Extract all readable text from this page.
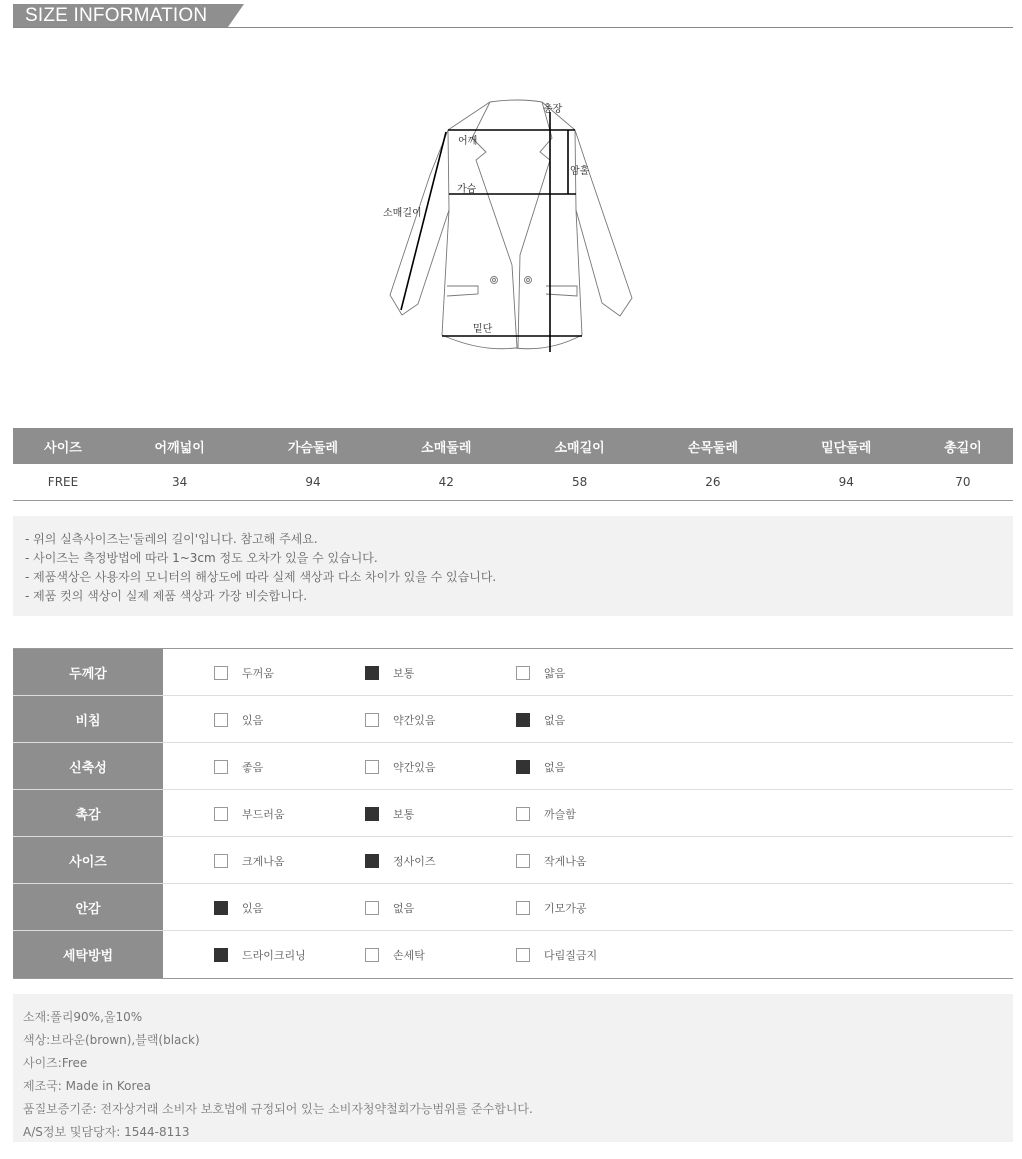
SIZE INFORMATION
총장
어깨
암홀
가슴
소매길이
밑단
사이즈	어깨넓이	가슴둘레	소매둘레	소매길이	손목둘레	밑단둘레	총길이
FREE	34	94	42	58	26	94	70

- 위의 실측사이즈는'둘레의 길이'입니다. 참고해 주세요.

- 사이즈는 측정방법에 따라 1~3cm 정도 오차가 있을 수 있습니다.

- 제품색상은 사용자의 모니터의 해상도에 따라 실제 색상과 다소 차이가 있을 수 있습니다.

- 제품 컷의 색상이 실제 제품 색상과 가장 비슷합니다.

두께감	두꺼움	보통	얇음
비침	있음	약간있음	없음
신축성	좋음	약간있음	없음
촉감	부드러움	보통	까슬함
사이즈	크게나옴	정사이즈	작게나옴
안감	있음	없음	기모가공
세탁방법	드라이크리닝	손세탁	다림질금지

소재:폴리90%,울10%

색상:브라운(brown),블랙(black)

사이즈:Free

제조국: Made in Korea

품질보증기준: 전자상거래 소비자 보호법에 규정되어 있는 소비자청약철회가능범위를 준수합니다.

A/S정보 및담당자: 1544-8113
